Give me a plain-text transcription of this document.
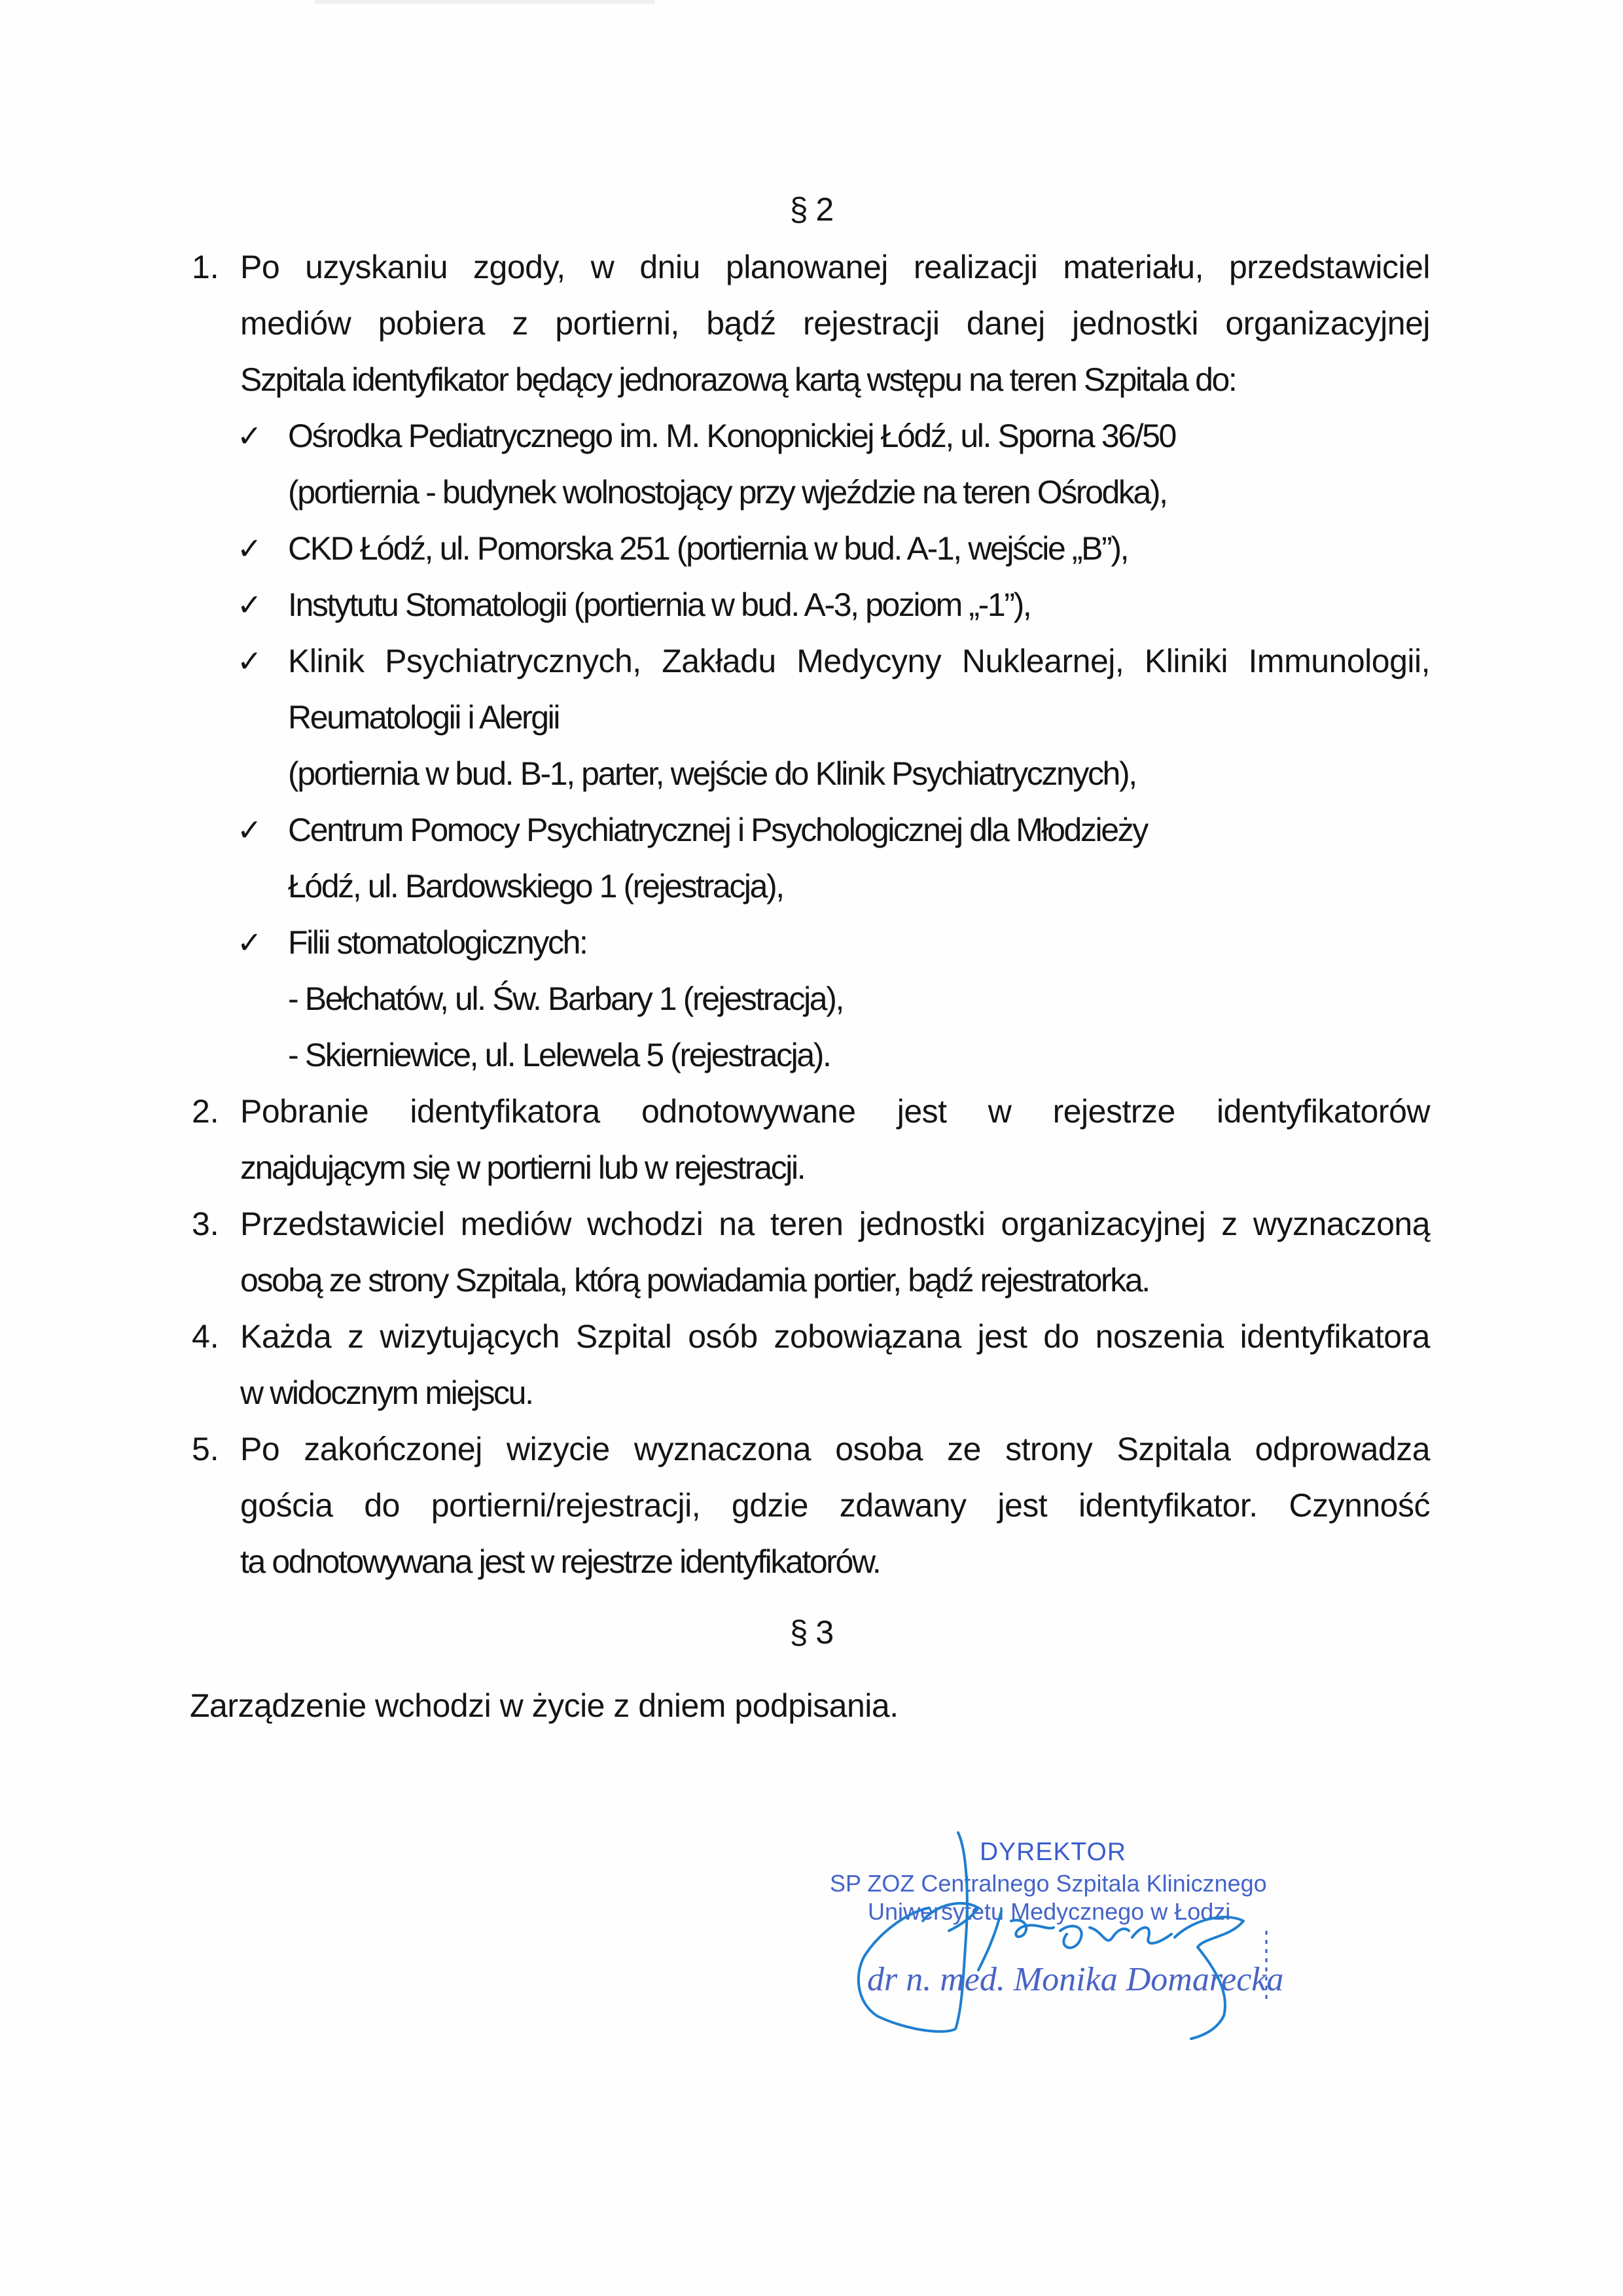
§ 2
1. Po uzyskaniu zgody, w dniu planowanej realizacji materiału, przedstawiciel
mediów pobiera z portierni, bądź rejestracji danej jednostki organizacyjnej
Szpitala identyfikator będący jednorazową kartą wstępu na teren Szpitala do:
✓ Ośrodka Pediatrycznego im. M. Konopnickiej Łódź, ul. Sporna 36/50
(portiernia - budynek wolnostojący przy wjeździe na teren Ośrodka),
✓ CKD Łódź, ul. Pomorska 251 (portiernia w bud. A-1, wejście „B”),
✓ Instytutu Stomatologii (portiernia w bud. A-3, poziom „-1”),
✓ Klinik Psychiatrycznych, Zakładu Medycyny Nuklearnej, Kliniki Immunologii,
Reumatologii i Alergii
(portiernia w bud. B-1, parter, wejście do Klinik Psychiatrycznych),
✓ Centrum Pomocy Psychiatrycznej i Psychologicznej dla Młodzieży
Łódź, ul. Bardowskiego 1 (rejestracja),
✓ Filii stomatologicznych:
- Bełchatów, ul. Św. Barbary 1 (rejestracja),
- Skierniewice, ul. Lelewela 5 (rejestracja).
2. Pobranie identyfikatora odnotowywane jest w rejestrze identyfikatorów
znajdującym się w portierni lub w rejestracji.
3. Przedstawiciel mediów wchodzi na teren jednostki organizacyjnej z wyznaczoną
osobą ze strony Szpitala, którą powiadamia portier, bądź rejestratorka.
4. Każda z wizytujących Szpital osób zobowiązana jest do noszenia identyfikatora
w widocznym miejscu.
5. Po zakończonej wizycie wyznaczona osoba ze strony Szpitala odprowadza
gościa do portierni/rejestracji, gdzie zdawany jest identyfikator. Czynność
ta odnotowywana jest w rejestrze identyfikatorów.
§ 3
Zarządzenie wchodzi w życie z dniem podpisania.
DYREKTOR
SP ZOZ Centralnego Szpitala Klinicznego
Uniwersytetu Medycznego w Łodzi
dr n. med. Monika Domarecka
